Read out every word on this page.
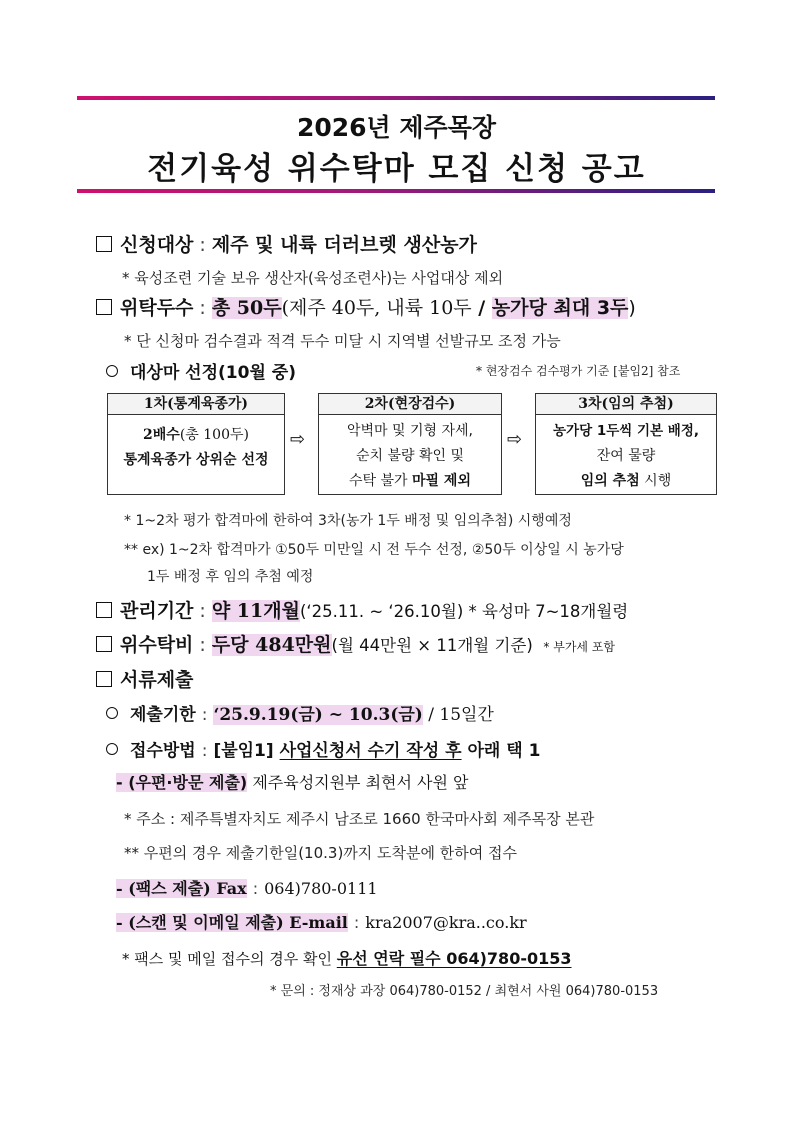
2026년 제주목장
전기육성 위수탁마 모집 신청 공고
신청대상 : 제주 및 내륙 더러브렛 생산농가
* 육성조련 기술 보유 생산자(육성조련사)는 사업대상 제외
위탁두수 : 총 50두(제주 40두, 내륙 10두 / 농가당 최대 3두)
* 단 신청마 검수결과 적격 두수 미달 시 지역별 선발규모 조정 가능
대상마 선정(10월 중)	* 현장검수 검수평가 기준 [붙임2] 참조
1차(통계육종가)
2배수(총 100두)
통계육종가 상위순 선정
⇨
2차(현장검수)
악벽마 및 기형 자세,
순치 불량 확인 및
수탁 불가 마필 제외
⇨
3차(임의 추첨)
농가당 1두씩 기본 배정,
잔여 물량
임의 추첨 시행
* 1~2차 평가 합격마에 한하여 3차(농가 1두 배정 및 임의추첨) 시행예정
** ex) 1~2차 합격마가 ①50두 미만일 시 전 두수 선정, ②50두 이상일 시 농가당
1두 배정 후 임의 추첨 예정
관리기간 : 약 11개월(‘25.11. ~ ‘26.10월) * 육성마 7~18개월령
위수탁비 : 두당 484만원(월 44만원 × 11개월 기준) * 부가세 포함
서류제출
제출기한 : ‘25.9.19(금) ~ 10.3(금) / 15일간
접수방법 : [붙임1] 사업신청서 수기 작성 후 아래 택 1
- (우편·방문 제출) 제주육성지원부 최현서 사원 앞
* 주소 : 제주특별자치도 제주시 남조로 1660 한국마사회 제주목장 본관
** 우편의 경우 제출기한일(10.3)까지 도착분에 한하여 접수
- (팩스 제출) Fax : 064)780-0111
- (스캔 및 이메일 제출) E-mail : kra2007@kra..co.kr
* 팩스 및 메일 접수의 경우 확인 유선 연락 필수 064)780-0153
* 문의 : 정재상 과장 064)780-0152 / 최현서 사원 064)780-0153
